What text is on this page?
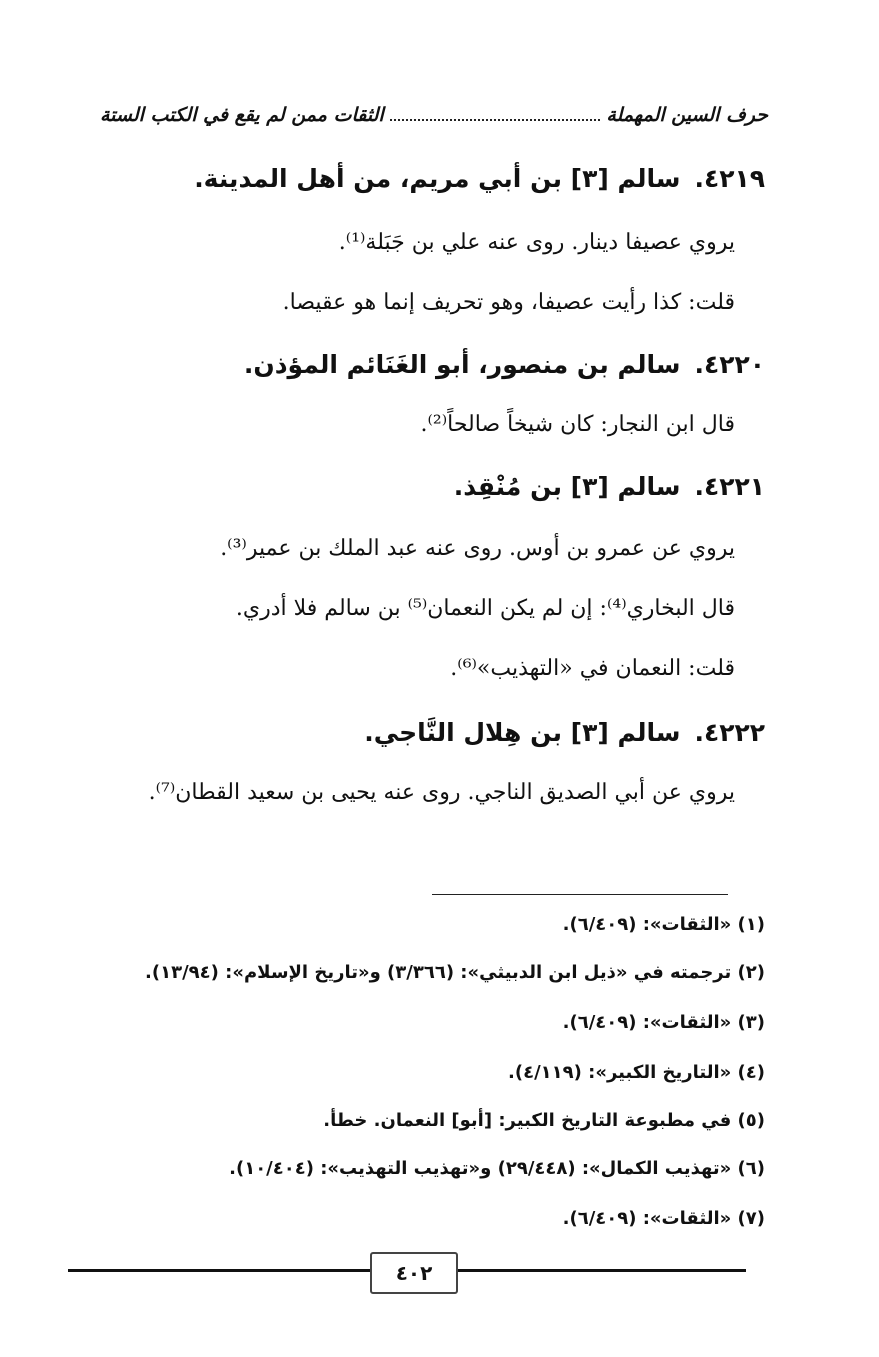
حرف السين المهملة
الثقات ممن لم يقع في الكتب الستة
٤٢١٩.سالم [٣] بن أبي مريم، من أهل المدينة.
يروي عصيفا دينار. روى عنه علي بن جَبَلة⁽¹⁾.
قلت: كذا رأيت عصيفا، وهو تحريف إنما هو عقيصا.
٤٢٢٠.سالم بن منصور، أبو الغَنَائم المؤذن.
قال ابن النجار: كان شيخاً صالحاً⁽²⁾.
٤٢٢١.سالم [٣] بن مُنْقِذ.
يروي عن عمرو بن أوس. روى عنه عبد الملك بن عمير⁽³⁾.
قال البخاري⁽⁴⁾: إن لم يكن النعمان⁽⁵⁾ بن سالم فلا أدري.
قلت: النعمان في «التهذيب»⁽⁶⁾.
٤٢٢٢.سالم [٣] بن هِلال النَّاجي.
يروي عن أبي الصديق الناجي. روى عنه يحيى بن سعيد القطان⁽⁷⁾.
(١) «الثقات»: (٦/٤٠٩).
(٢) ترجمته في «ذيل ابن الدبيثي»: (٣/٣٦٦) و«تاريخ الإسلام»: (١٣/٩٤).
(٣) «الثقات»: (٦/٤٠٩).
(٤) «التاريخ الكبير»: (٤/١١٩).
(٥) في مطبوعة التاريخ الكبير: [أبو] النعمان. خطأ.
(٦) «تهذيب الكمال»: (٢٩/٤٤٨) و«تهذيب التهذيب»: (١٠/٤٠٤).
(٧) «الثقات»: (٦/٤٠٩).
٤٠٢
